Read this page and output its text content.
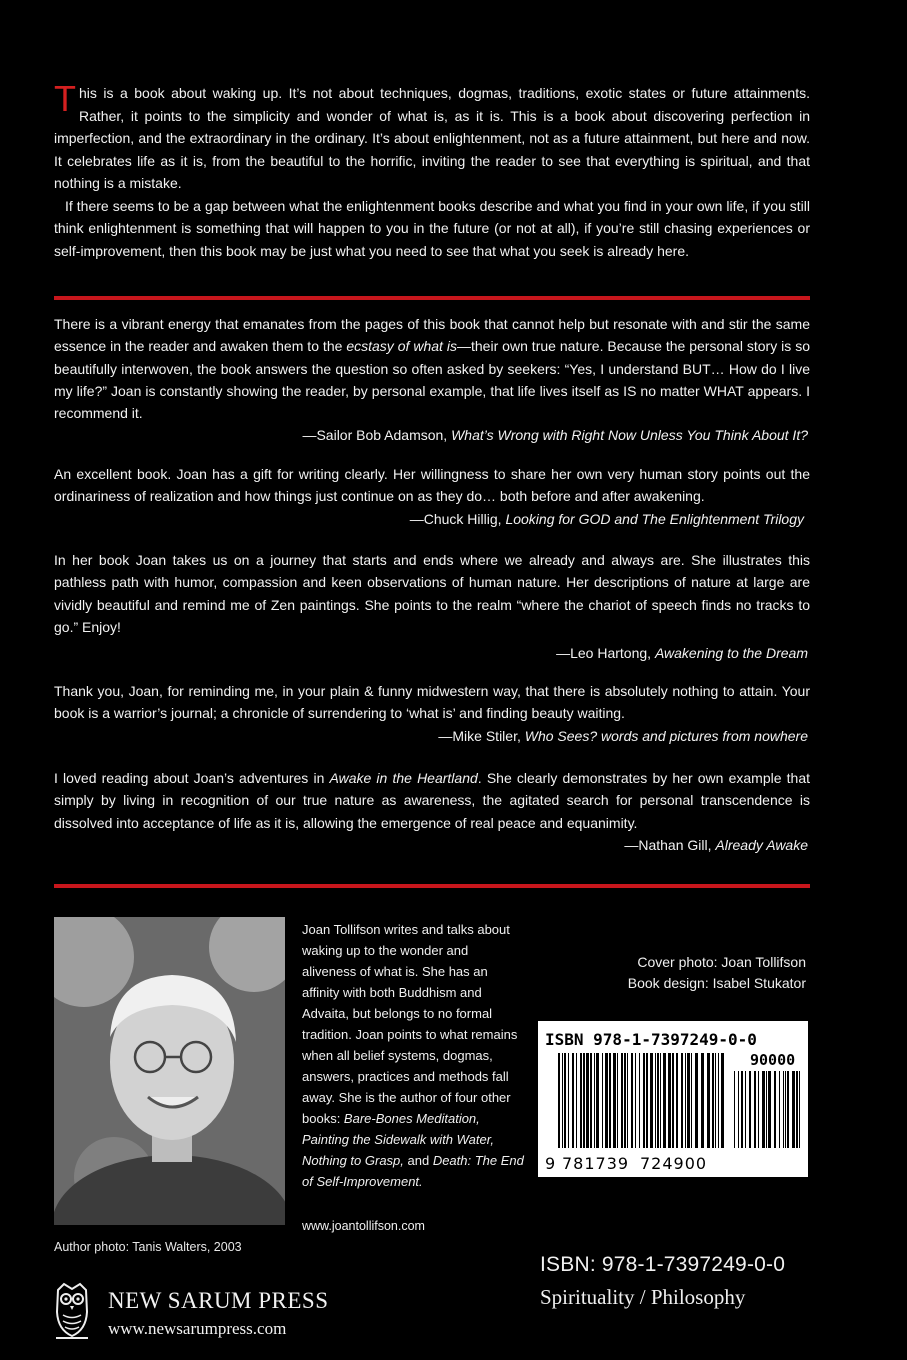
This is a book about waking up. It’s not about techniques, dogmas, traditions, exotic states or future attainments. Rather, it points to the simplicity and wonder of what is, as it is. This is a book about discovering perfection in imperfection, and the extraordinary in the ordinary. It’s about enlightenment, not as a future attainment, but here and now. It celebrates life as it is, from the beautiful to the horrific, inviting the reader to see that everything is spiritual, and that nothing is a mistake.

If there seems to be a gap between what the enlightenment books describe and what you find in your own life, if you still think enlightenment is something that will happen to you in the future (or not at all), if you’re still chasing experiences or self-improvement, then this book may be just what you need to see that what you seek is already here.

There is a vibrant energy that emanates from the pages of this book that cannot help but resonate with and stir the same essence in the reader and awaken them to the ecstasy of what is—their own true nature. Because the personal story is so beautifully interwoven, the book answers the question so often asked by seekers: “Yes, I understand BUT… How do I live my life?” Joan is constantly showing the reader, by personal example, that life lives itself as IS no matter WHAT appears. I recommend it.

—Sailor Bob Adamson, What’s Wrong with Right Now Unless You Think About It?

An excellent book. Joan has a gift for writing clearly. Her willingness to share her own very human story points out the ordinariness of realization and how things just continue on as they do… both before and after awakening.

—Chuck Hillig, Looking for GOD and The Enlightenment Trilogy

In her book Joan takes us on a journey that starts and ends where we already and always are. She illustrates this pathless path with humor, compassion and keen observations of human nature. Her descriptions of nature at large are vividly beautiful and remind me of Zen paintings. She points to the realm “where the chariot of speech finds no tracks to go.” Enjoy!

—Leo Hartong, Awakening to the Dream

Thank you, Joan, for reminding me, in your plain & funny midwestern way, that there is absolutely nothing to attain. Your book is a warrior’s journal; a chronicle of surrendering to ‘what is’ and finding beauty waiting.

—Mike Stiler, Who Sees? words and pictures from nowhere

I loved reading about Joan’s adventures in Awake in the Heartland. She clearly demonstrates by her own example that simply by living in recognition of our true nature as awareness, the agitated search for personal transcendence is dissolved into acceptance of life as it is, allowing the emergence of real peace and equanimity.

—Nathan Gill, Already Awake
Author photo: Tanis Walters, 2003

Joan Tollifson writes and talks about waking up to the wonder and aliveness of what is. She has an affinity with both Buddhism and Advaita, but belongs to no formal tradition. Joan points to what remains when all belief systems, dogmas, answers, practices and methods fall away. She is the author of four other books: Bare-Bones Meditation, Painting the Sidewalk with Water, Nothing to Grasp, and Death: The End of Self-Improvement.

www.joantollifson.com
Cover photo: Joan Tollifson
Book design: Isabel Stukator
ISBN 978-1-7397249-0-0
90000
9 781739 724900
ISBN: 978-1-7397249-0-0
Spirituality / Philosophy
NEW SARUM PRESS
www.newsarumpress.com
